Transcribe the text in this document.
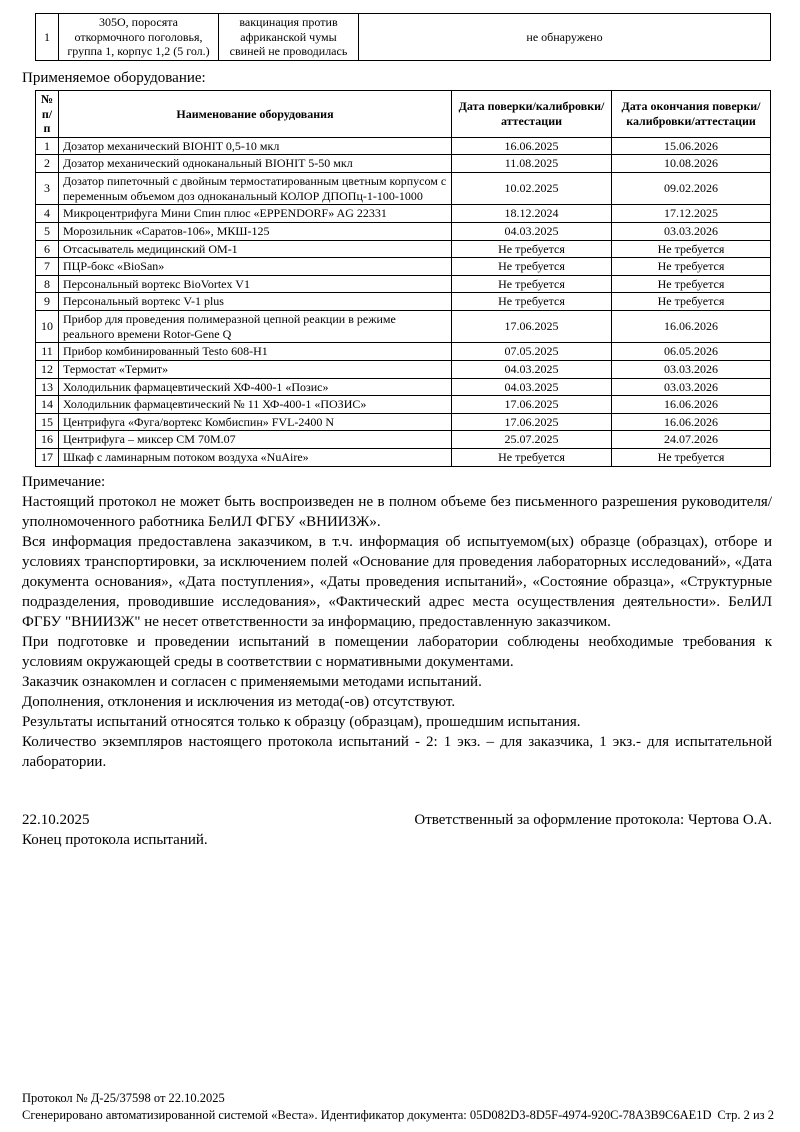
1	305О, поросята откормочного поголовья, группа 1, корпус 1,2 (5 гол.)	вакцинация против африканской чумы свиней не проводилась	не обнаружено
Применяемое оборудование:
№ п/п	Наименование оборудования	Дата поверки/калибровки/аттестации	Дата окончания поверки/калибровки/аттестации
1	Дозатор механический BIOHIT 0,5-10 мкл	16.06.2025	15.06.2026
2	Дозатор механический одноканальный BIOHIT 5-50 мкл	11.08.2025	10.08.2026
3	Дозатор пипеточный с двойным термостатированным цветным корпусом с переменным объемом доз одноканальный КОЛОР ДПОПц-1-100-1000	10.02.2025	09.02.2026
4	Микроцентрифуга Мини Спин плюс «EPPENDORF» AG 22331	18.12.2024	17.12.2025
5	Морозильник «Саратов-106», МКШ-125	04.03.2025	03.03.2026
6	Отсасыватель медицинский ОМ-1	Не требуется	Не требуется
7	ПЦР-бокс «BioSan»	Не требуется	Не требуется
8	Персональный вортекс BioVortex V1	Не требуется	Не требуется
9	Персональный вортекс V-1 plus	Не требуется	Не требуется
10	Прибор для проведения полимеразной цепной реакции в режиме реального времени Rotor-Gene Q	17.06.2025	16.06.2026
11	Прибор комбинированный Testo 608-H1	07.05.2025	06.05.2026
12	Термостат «Термит»	04.03.2025	03.03.2026
13	Холодильник фармацевтический ХФ-400-1 «Позис»	04.03.2025	03.03.2026
14	Холодильник фармацевтический № 11 ХФ-400-1 «ПОЗИС»	17.06.2025	16.06.2026
15	Центрифуга «Фуга/вортекс Комбиспин» FVL-2400 N	17.06.2025	16.06.2026
16	Центрифуга – миксер СМ 70М.07	25.07.2025	24.07.2026
17	Шкаф с ламинарным потоком воздуха «NuAire»	Не требуется	Не требуется

Примечание:

Настоящий протокол не может быть воспроизведен не в полном объеме без письменного разрешения руководителя/уполномоченного работника БелИЛ ФГБУ «ВНИИЗЖ».

Вся информация предоставлена заказчиком, в т.ч. информация об испытуемом(ых) образце (образцах), отборе и условиях транспортировки, за исключением полей «Основание для проведения лабораторных исследований», «Дата документа основания», «Дата поступления», «Даты проведения испытаний», «Состояние образца», «Структурные подразделения, проводившие исследования», «Фактический адрес места осуществления деятельности». БелИЛ ФГБУ "ВНИИЗЖ" не несет ответственности за информацию, предоставленную заказчиком.

При подготовке и проведении испытаний в помещении лаборатории соблюдены необходимые требования к условиям окружающей среды в соответствии с нормативными документами.

Заказчик ознакомлен и согласен с применяемыми методами испытаний.

Дополнения, отклонения и исключения из метода(-ов) отсутствуют.

Результаты испытаний относятся только к образцу (образцам), прошедшим испытания.

Количество экземпляров настоящего протокола испытаний - 2: 1 экз. – для заказчика, 1 экз.- для испытательной лаборатории.

22.10.2025	Ответственный за оформление протокола: Чертова О.А.
Конец протокола испытаний.
Протокол № Д-25/37598 от 22.10.2025
Сгенерировано автоматизированной системой «Веста». Идентификатор документа: 05D082D3-8D5F-4974-920C-78A3B9C6AE1D Стр. 2 из 2
